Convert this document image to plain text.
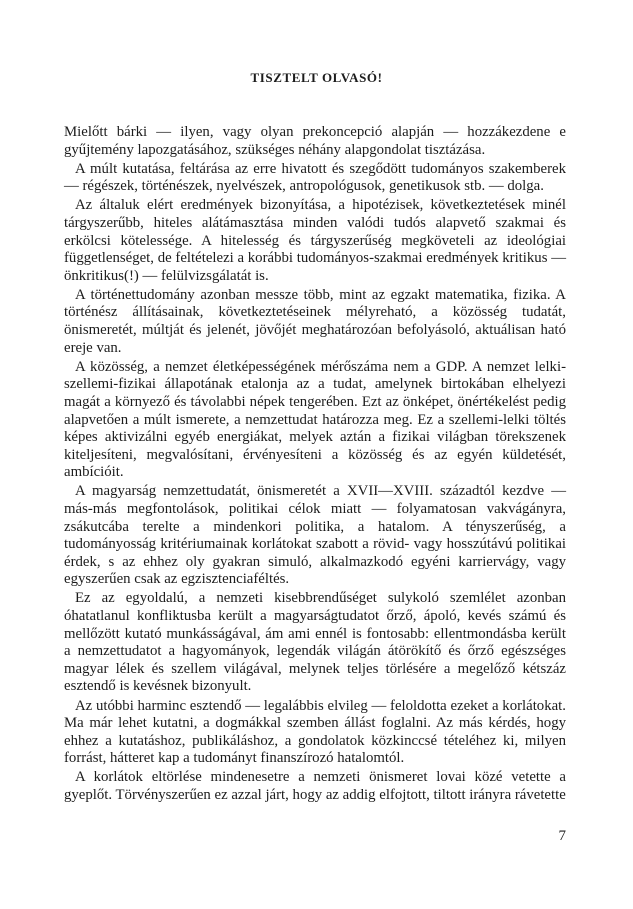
TISZTELT OLVASÓ!

Mielőtt bárki — ilyen, vagy olyan prekoncepció alapján — hozzákezdene e gyűjtemény lapozgatásához, szükséges néhány alapgondolat tisztázása.

A múlt kutatása, feltárása az erre hivatott és szegődött tudományos szakemberek — régészek, történészek, nyelvészek, antropológusok, genetikusok stb. — dolga.

Az általuk elért eredmények bizonyítása, a hipotézisek, következtetések minél tárgyszerűbb, hiteles alátámasztása minden valódi tudós alapvető szakmai és erkölcsi kötelessége. A hitelesség és tárgyszerűség megköveteli az ideológiai függetlenséget, de feltételezi a korábbi tudományos-szakmai eredmények kritikus — önkritikus(!) — felülvizsgálatát is.

A történettudomány azonban messze több, mint az egzakt matematika, fizika. A történész állításainak, következtetéseinek mélyreható, a közösség tudatát, önismeretét, múltját és jelenét, jövőjét meghatározóan befolyásoló, aktuálisan ható ereje van.

A közösség, a nemzet életképességének mérőszáma nem a GDP. A nemzet lelki-szellemi-fizikai állapotának etalonja az a tudat, amelynek birtokában elhelyezi magát a környező és távolabbi népek tengerében. Ezt az önképet, önértékelést pedig alapvetően a múlt ismerete, a nemzettudat határozza meg. Ez a szellemi-lelki töltés képes aktivizálni egyéb energiákat, melyek aztán a fizikai világban törekszenek kiteljesíteni, megvalósítani, érvényesíteni a közösség és az egyén küldetését, ambícióit.

A magyarság nemzettudatát, önismeretét a XVII—XVIII. századtól kezdve — más-más megfontolások, politikai célok miatt — folyamatosan vakvágányra, zsákutcába terelte a mindenkori politika, a hatalom. A tényszerűség, a tudományosság kritériumainak korlátokat szabott a rövid- vagy hosszútávú politikai érdek, s az ehhez oly gyakran simuló, alkalmazkodó egyéni karriervágy, vagy egyszerűen csak az egzisztenciaféltés.

Ez az egyoldalú, a nemzeti kisebbrendűséget sulykoló szemlélet azonban óhatatlanul konfliktusba került a magyarságtudatot őrző, ápoló, kevés számú és mellőzött kutató munkásságával, ám ami ennél is fontosabb: ellentmondásba került a nemzettudatot a hagyományok, legendák világán átörökítő és őrző egészséges magyar lélek és szellem világával, melynek teljes törlésére a megelőző kétszáz esztendő is kevésnek bizonyult.

Az utóbbi harminc esztendő — legalábbis elvileg — feloldotta ezeket a korlátokat. Ma már lehet kutatni, a dogmákkal szemben állást foglalni. Az más kérdés, hogy ehhez a kutatáshoz, publikáláshoz, a gondolatok közkinccsé tételéhez ki, milyen forrást, hátteret kap a tudományt finanszírozó hatalomtól.

A korlátok eltörlése mindenesetre a nemzeti önismeret lovai közé vetette a gyeplőt. Törvényszerűen ez azzal járt, hogy az addig elfojtott, tiltott irányra rávetette

7
